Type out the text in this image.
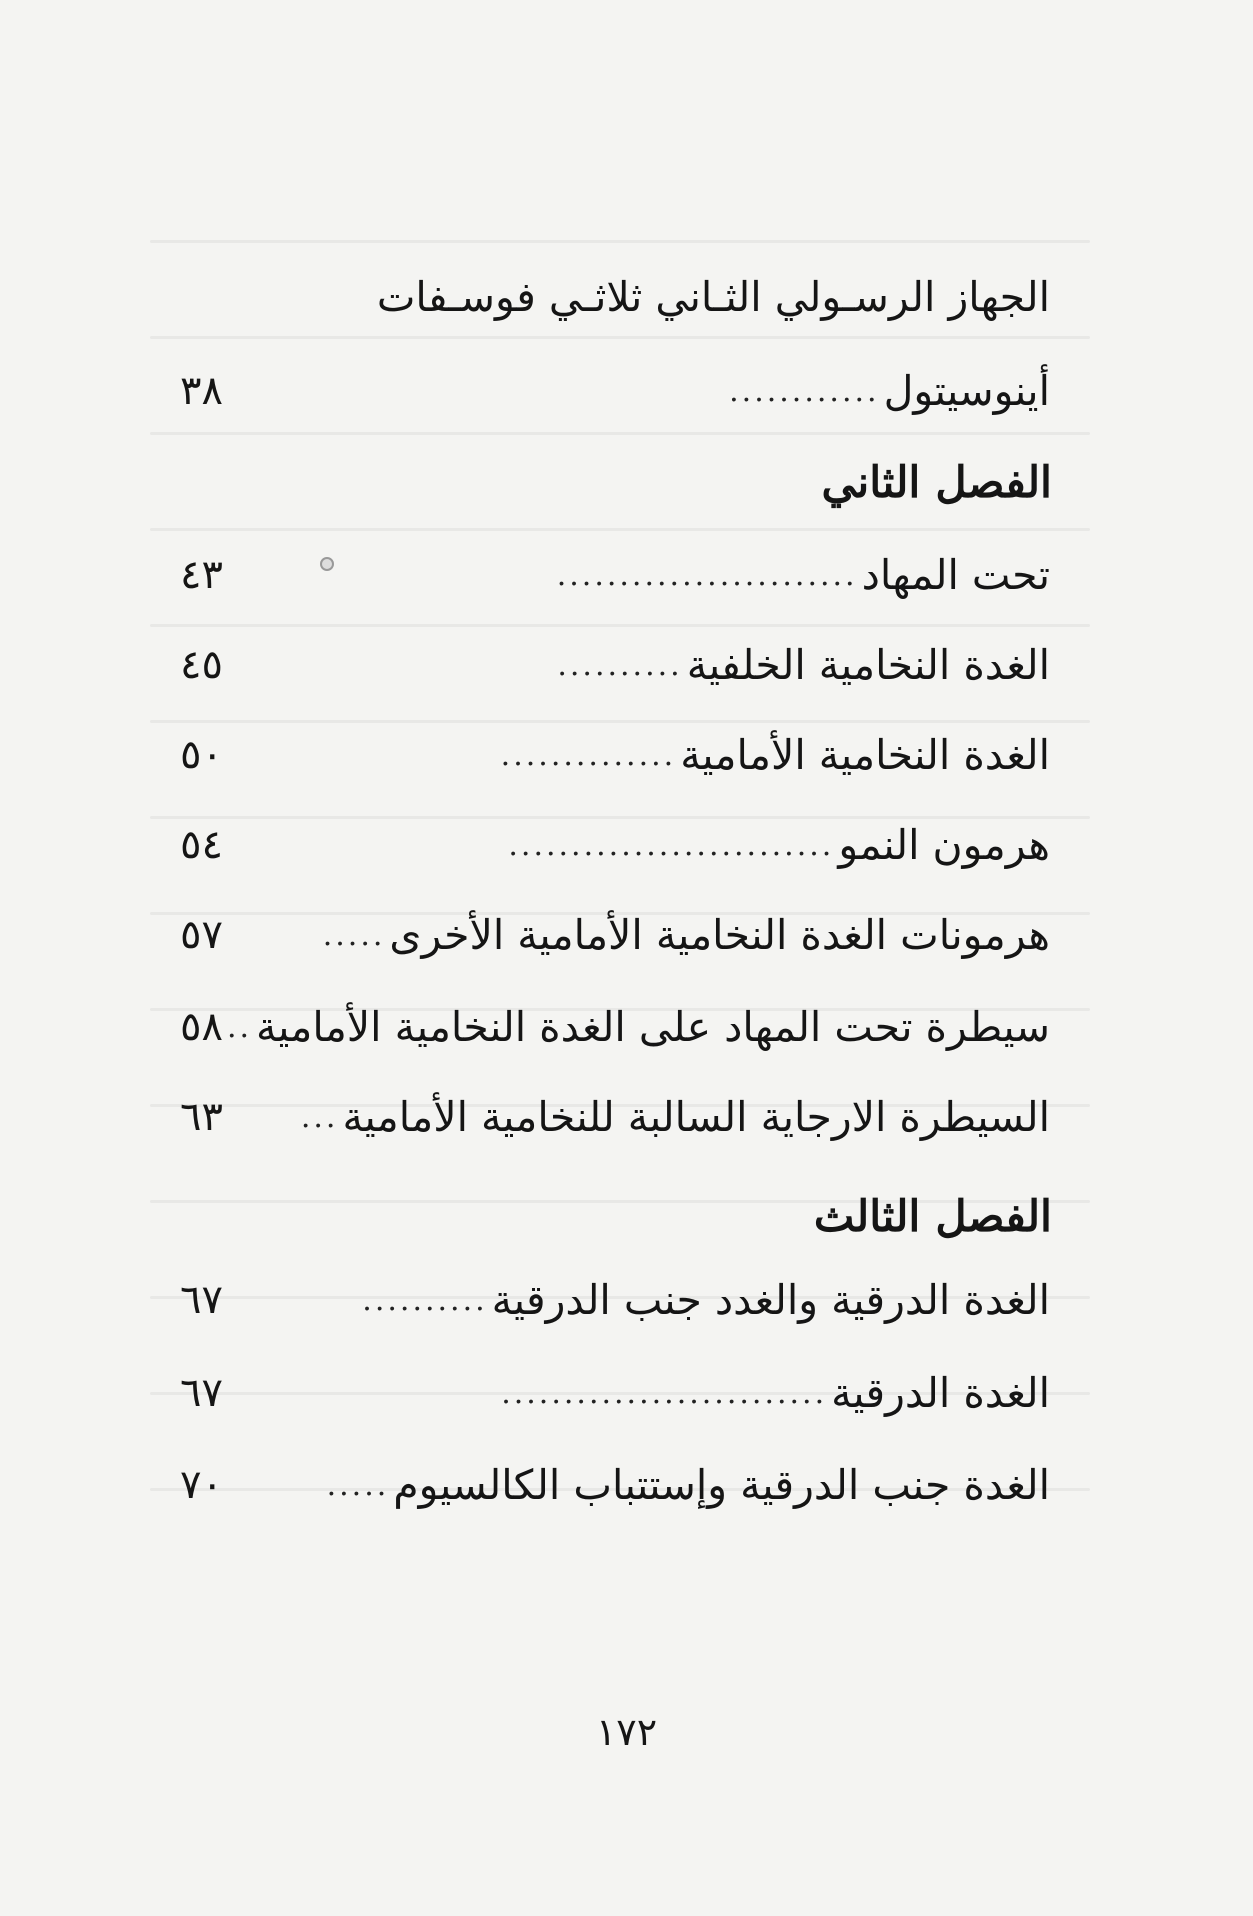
الجهاز الرسـولي الثـاني ثلاثـي فوسـفات
أينوسيتول
............
٣٨
الفصل الثاني
تحت المهاد
........................
٤٣
الغدة النخامية الخلفية
..........
٤٥
الغدة النخامية الأمامية
..............
٥٠
هرمون النمو
..........................
٥٤
هرمونات الغدة النخامية الأمامية الأخرى
.....
٥٧
سيطرة تحت المهاد على الغدة النخامية الأمامية
..
٥٨
السيطرة الارجاية السالبة للنخامية الأمامية
...
٦٣
الفصل الثالث
الغدة الدرقية والغدد جنب الدرقية
..........
٦٧
الغدة الدرقية
..........................
٦٧
الغدة جنب الدرقية وإستتباب الكالسيوم
.....
٧٠
١٧٢
